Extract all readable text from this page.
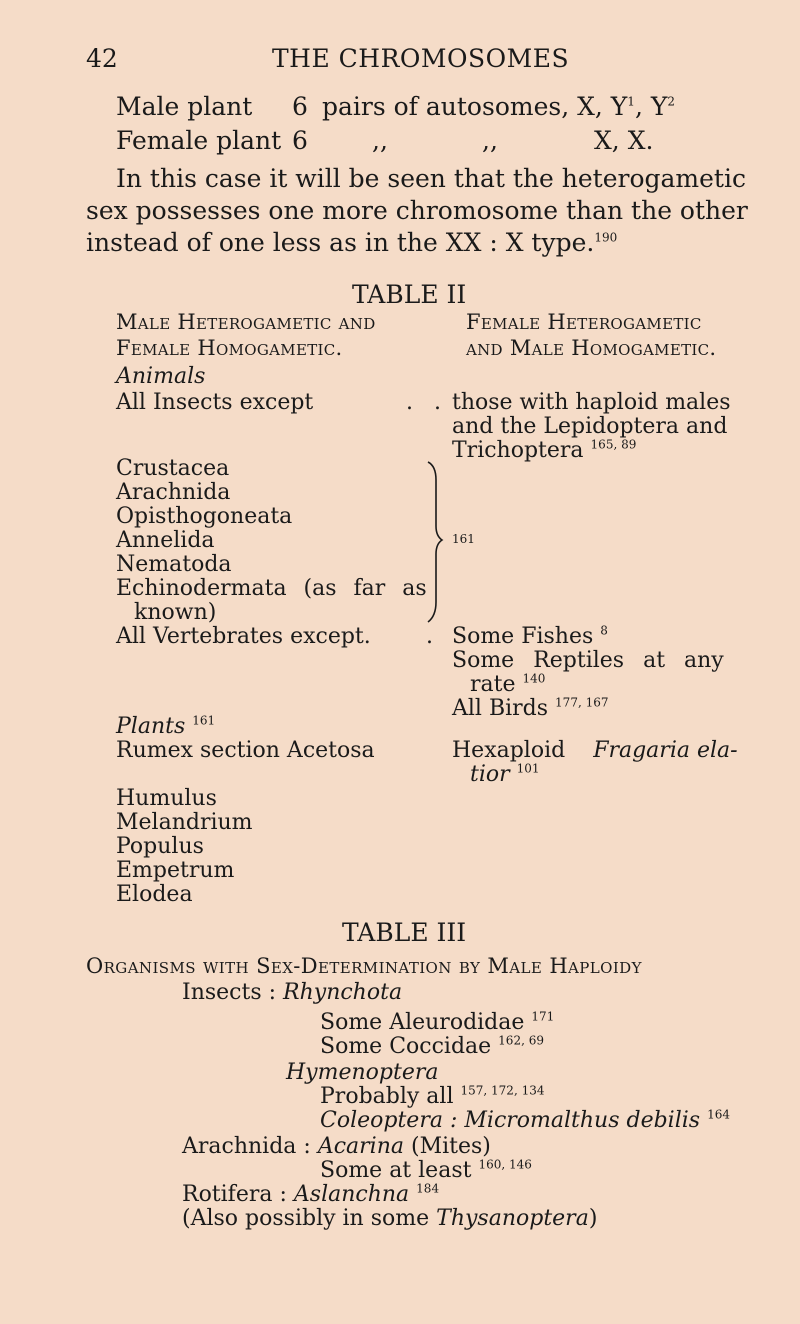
42	THE CHROMOSOMES
Male plant 6 pairs of autosomes, X, $Y^1$, $Y^2$
Female plant 6	,,	,,	X, X.
In this case it will be seen that the heterogametic
sex possesses one more chromosome than the other
instead of one less as in the XX : X type.$^{190}$
TABLE II
Male Heterogametic and
Female Homogametic.
Female Heterogametic
and Male Homogametic.
Animals
All Insects except	. . those with haploid males
and the Lepidoptera and
Trichoptera $^{165, 89}$
Crustacea
Arachnida
Opisthogoneata
Annelida
Nematoda
Echinodermata (as far as
known)
161
All Vertebrates except.	. Some Fishes $^8$
Some Reptiles at any
rate $^{140}$
All Birds $^{177, 167}$
Plants $^{161}$
Rumex section Acetosa	Hexaploid Fragaria ela-
tior $^{101}$
Humulus
Melandrium
Populus
Empetrum
Elodea
TABLE III
Organisms with Sex-Determination by Male Haploidy
Insects : Rhynchota
Some Aleurodidae $^{171}$
Some Coccidae $^{162, 69}$
Hymenoptera
Probably all $^{157, 172, 134}$
Coleoptera : Micromalthus debilis $^{164}$
Arachnida : Acarina (Mites)
Some at least $^{160, 146}$
Rotifera : Aslanchna $^{184}$
(Also possibly in some Thysanoptera)
